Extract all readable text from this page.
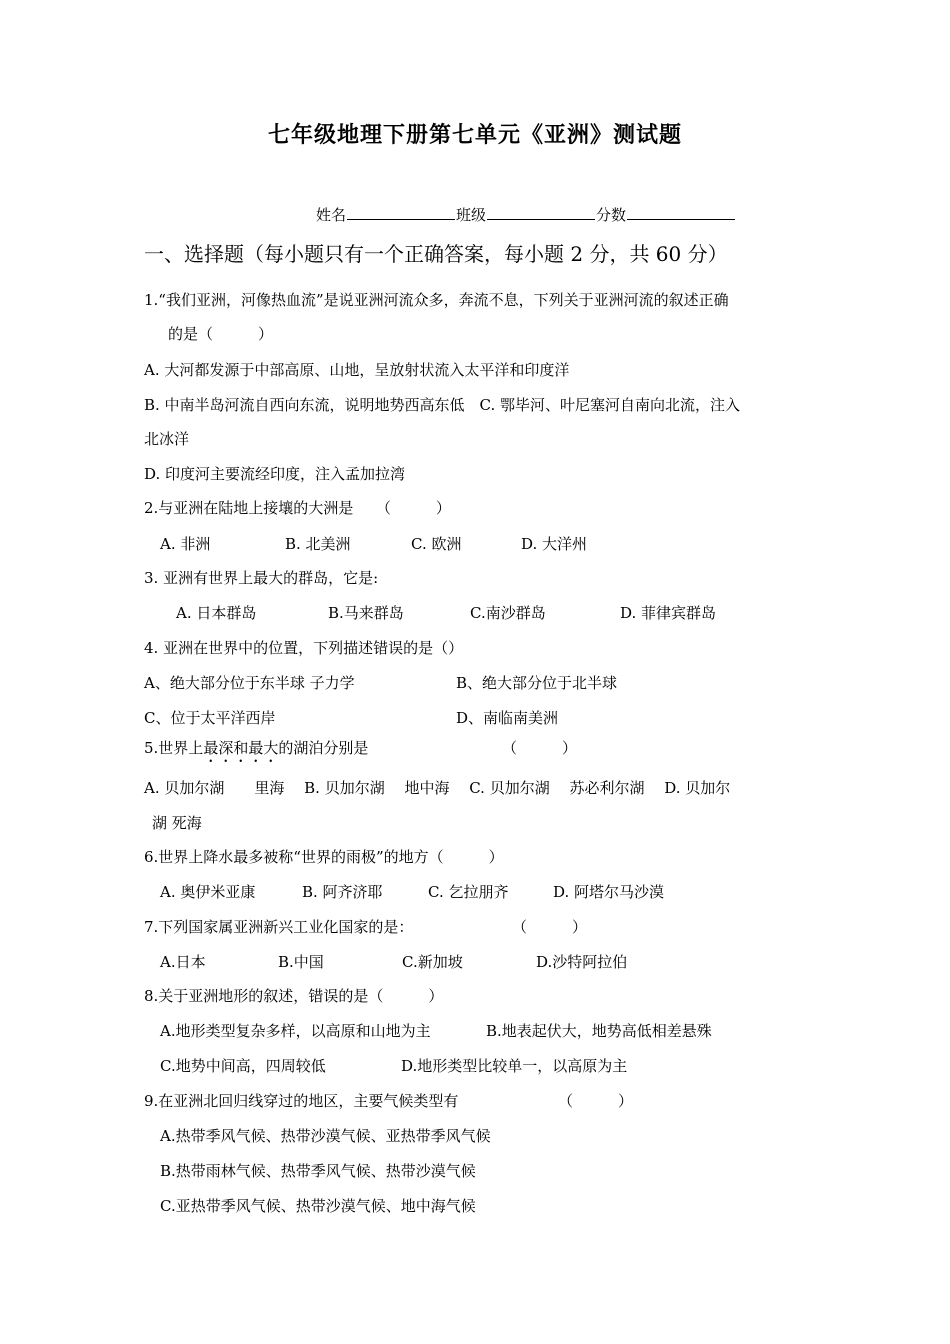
七年级地理下册第七单元《亚洲》测试题
姓名	班级	分数
一、选择题（每小题只有一个正确答案，每小题 2 分，共 60 分）
1.“我们亚洲，河像热血流”是说亚洲河流众多，奔流不息，下列关于亚洲河流的叙述正确
的是（　　　）
A. 大河都发源于中部高原、山地，呈放射状流入太平洋和印度洋
B. 中南半岛河流自西向东流，说明地势西高东低　C. 鄂毕河、叶尼塞河自南向北流，注入
北冰洋
D. 印度河主要流经印度，注入孟加拉湾
2.与亚洲在陆地上接壤的大洲是　　（　　　）
A. 非洲	B. 北美洲	C. 欧洲	D. 大洋州
3. 亚洲有世界上最大的群岛，它是:
A. 日本群岛	B.马来群岛	C.南沙群岛	D. 菲律宾群岛
4. 亚洲在世界中的位置，下列描述错误的是（）
A、绝大部分位于东半球 子力学	B、绝大部分位于北半球
C、位于太平洋西岸	D、南临南美洲
5.世界上最深和最大的湖泊分别是	（　　　）
A. 贝加尔湖　　里海　 B. 贝加尔湖　 地中海　 C. 贝加尔湖　 苏必利尔湖　 D. 贝加尔
湖 死海
6.世界上降水最多被称“世界的雨极”的地方（　　　）
A. 奥伊米亚康	B. 阿齐济耶	C. 乞拉朋齐	D. 阿塔尔马沙漠
7.下列国家属亚洲新兴工业化国家的是：	（　　　）
A.日本	B.中国	C.新加坡	D.沙特阿拉伯
8.关于亚洲地形的叙述，错误的是（　　　）
A.地形类型复杂多样，以高原和山地为主	B.地表起伏大，地势高低相差悬殊
C.地势中间高，四周较低	D.地形类型比较单一，以高原为主
9.在亚洲北回归线穿过的地区，主要气候类型有	（　　　）
A.热带季风气候、热带沙漠气候、亚热带季风气候
B.热带雨林气候、热带季风气候、热带沙漠气候
C.亚热带季风气候、热带沙漠气候、地中海气候
